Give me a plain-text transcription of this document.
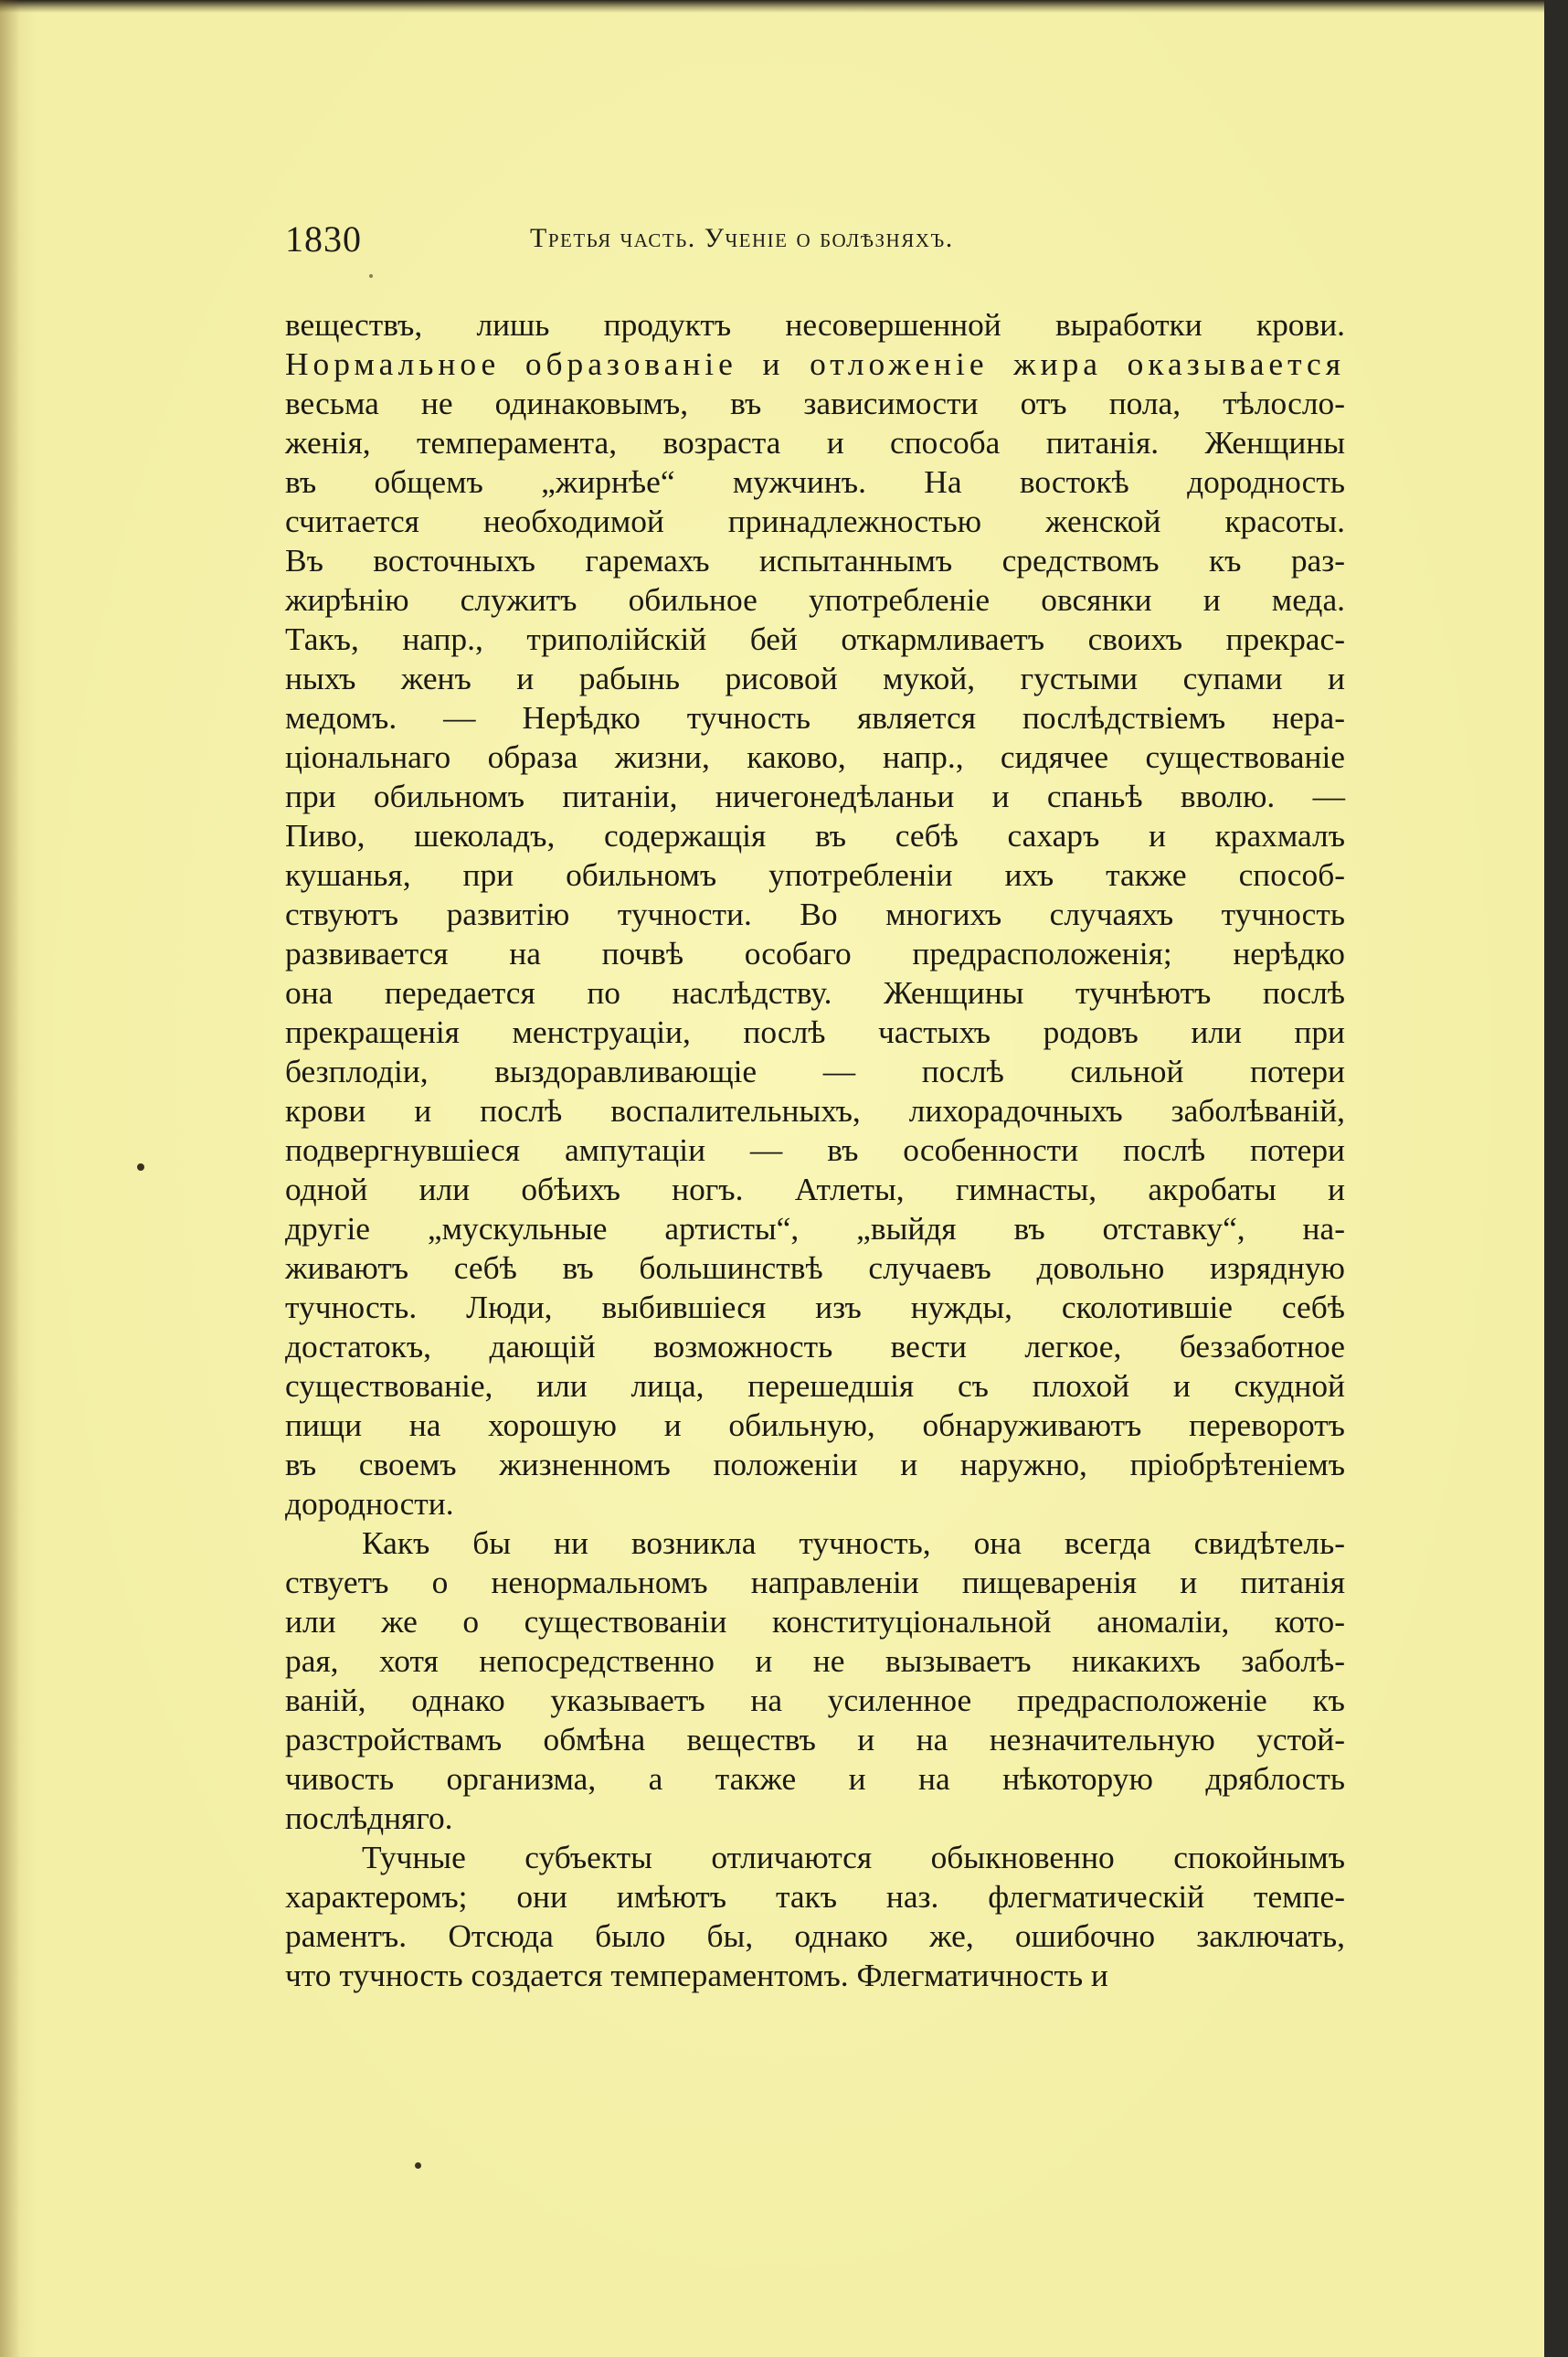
1830	Третья часть. Ученіе о болѣзняхъ.

веществъ, лишь продуктъ несовершенной выработки крови.
Нормальное образованіе и отложеніе жира оказывается
весьма не одинаковымъ, въ зависимости отъ пола, тѣлосло-
женія, темперамента, возраста и способа питанія. Женщины
въ общемъ „жирнѣе“ мужчинъ. На востокѣ дородность
считается необходимой принадлежностью женской красоты.
Въ восточныхъ гаремахъ испытаннымъ средствомъ къ раз-
жирѣнію служитъ обильное употребленіе овсянки и меда.
Такъ, напр., триполійскій бей откармливаетъ своихъ прекрас-
ныхъ женъ и рабынь рисовой мукой, густыми супами и
медомъ. — Нерѣдко тучность является послѣдствіемъ нера-
ціональнаго образа жизни, каково, напр., сидячее существованіе
при обильномъ питаніи, ничегонедѣланьи и спаньѣ вволю. —
Пиво, шеколадъ, содержащія въ себѣ сахаръ и крахмалъ
кушанья, при обильномъ употребленіи ихъ также способ-
ствуютъ развитію тучности. Во многихъ случаяхъ тучность
развивается на почвѣ особаго предрасположенія; нерѣдко
она передается по наслѣдству. Женщины тучнѣютъ послѣ
прекращенія менструаціи, послѣ частыхъ родовъ или при
безплодіи, выздоравливающіе — послѣ сильной потери
крови и послѣ воспалительныхъ, лихорадочныхъ заболѣваній,
подвергнувшіеся ампутаціи — въ особенности послѣ потери
одной или обѣихъ ногъ. Атлеты, гимнасты, акробаты и
другіе „мускульные артисты“, „выйдя въ отставку“, на-
живаютъ себѣ въ большинствѣ случаевъ довольно изрядную
тучность. Люди, выбившіеся изъ нужды, сколотившіе себѣ
достатокъ, дающій возможность вести легкое, беззаботное
существованіе, или лица, перешедшія съ плохой и скудной
пищи на хорошую и обильную, обнаруживаютъ переворотъ
въ своемъ жизненномъ положеніи и наружно, пріобрѣтеніемъ
дородности.

Какъ бы ни возникла тучность, она всегда свидѣтель-
ствуетъ о ненормальномъ направленіи пищеваренія и питанія
или же о существованіи конституціональной аномаліи, кото-
рая, хотя непосредственно и не вызываетъ никакихъ заболѣ-
ваній, однако указываетъ на усиленное предрасположеніе къ
разстройствамъ обмѣна веществъ и на незначительную устой-
чивость организма, а также и на нѣкоторую дряблость
послѣдняго.

Тучные субъекты отличаются обыкновенно спокойнымъ
характеромъ; они имѣютъ такъ наз. флегматическій темпе-
раментъ. Отсюда было бы, однако же, ошибочно заключать,
что тучность создается темпераментомъ. Флегматичность и
